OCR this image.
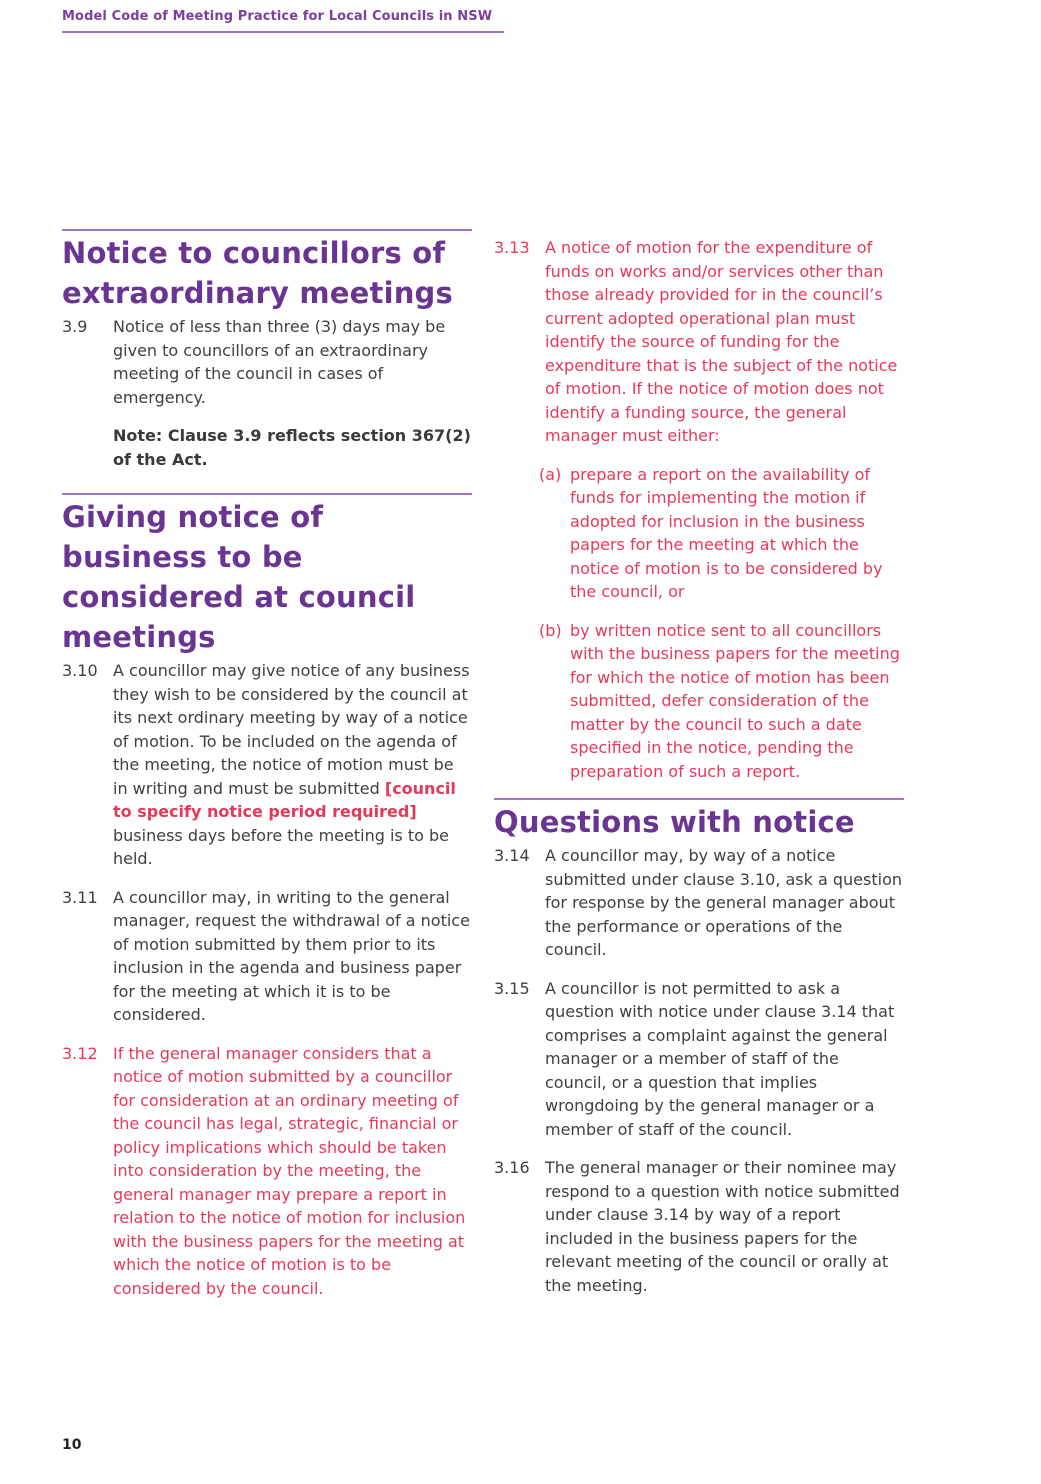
Model Code of Meeting Practice for Local Councils in NSW
Notice to councillors of extraordinary meetings
3.9	Notice of less than three (3) days may be given to councillors of an extraordinary meeting of the council in cases of emergency.
Note: Clause 3.9 reflects section 367(2) of the Act.
Giving notice of business to be considered at council meetings
3.10 A councillor may give notice of any business they wish to be considered by the council at its next ordinary meeting by way of a notice of motion. To be included on the agenda of the meeting, the notice of motion must be in writing and must be submitted [council to specify notice period required] business days before the meeting is to be held.
3.11 A councillor may, in writing to the general manager, request the withdrawal of a notice of motion submitted by them prior to its inclusion in the agenda and business paper for the meeting at which it is to be considered.
3.12 If the general manager considers that a notice of motion submitted by a councillor for consideration at an ordinary meeting of the council has legal, strategic, financial or policy implications which should be taken into consideration by the meeting, the general manager may prepare a report in relation to the notice of motion for inclusion with the business papers for the meeting at which the notice of motion is to be considered by the council.
3.13 A notice of motion for the expenditure of funds on works and/or services other than those already provided for in the council’s current adopted operational plan must identify the source of funding for the expenditure that is the subject of the notice of motion. If the notice of motion does not identify a funding source, the general manager must either:
(a) prepare a report on the availability of funds for implementing the motion if adopted for inclusion in the business papers for the meeting at which the notice of motion is to be considered by the council, or
(b) by written notice sent to all councillors with the business papers for the meeting for which the notice of motion has been submitted, defer consideration of the matter by the council to such a date specified in the notice, pending the preparation of such a report.
Questions with notice
3.14 A councillor may, by way of a notice submitted under clause 3.10, ask a question for response by the general manager about the performance or operations of the council.
3.15 A councillor is not permitted to ask a question with notice under clause 3.14 that comprises a complaint against the general manager or a member of staff of the council, or a question that implies wrongdoing by the general manager or a member of staff of the council.
3.16 The general manager or their nominee may respond to a question with notice submitted under clause 3.14 by way of a report included in the business papers for the relevant meeting of the council or orally at the meeting.
10
